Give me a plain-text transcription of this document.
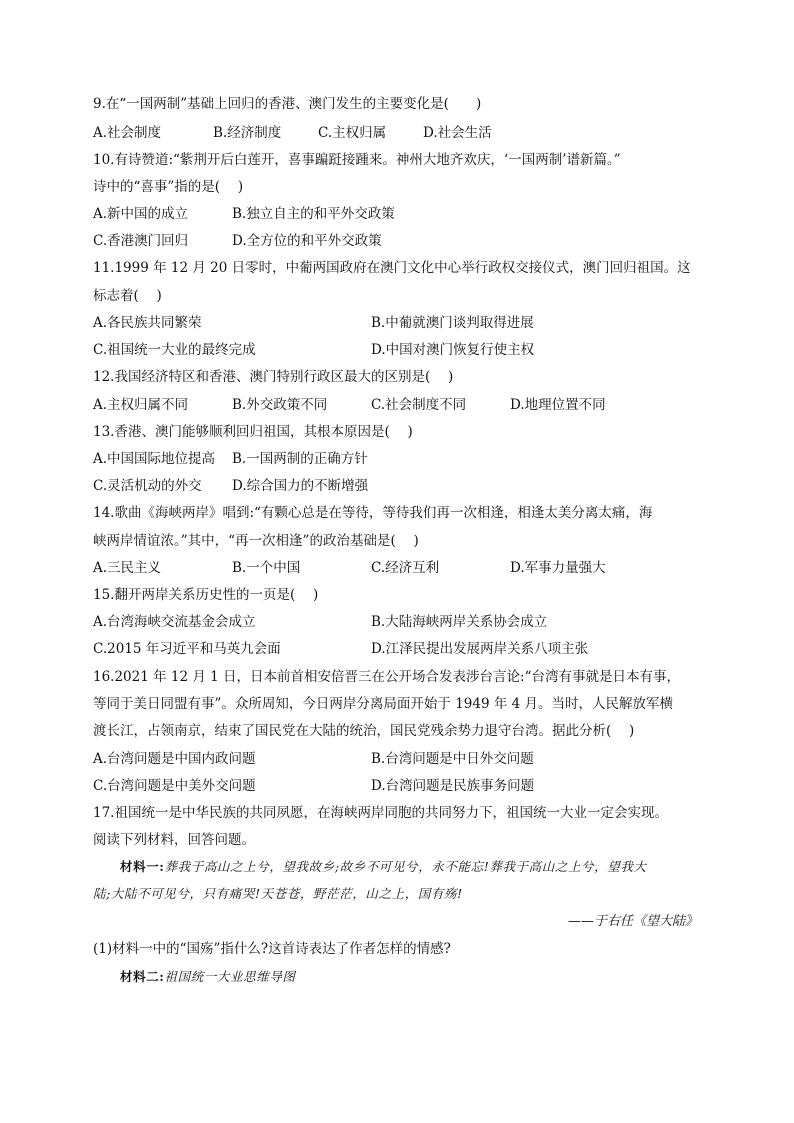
9.在“一国两制”基础上回归的香港、澳门发生的主要变化是(　　)
A.社会制度	B.经济制度	C.主权归属	D.社会生活
10.有诗赞道:“紫荆开后白莲开，喜事蹁跹接踵来。神州大地齐欢庆，‘一国两制’谱新篇。”
诗中的“喜事”指的是(　 )
A.新中国的成立	B.独立自主的和平外交政策
C.香港澳门回归	D.全方位的和平外交政策
11.1999 年 12 月 20 日零时，中葡两国政府在澳门文化中心举行政权交接仪式，澳门回归祖国。这
标志着(　 )
A.各民族共同繁荣	B.中葡就澳门谈判取得进展
C.祖国统一大业的最终完成	D.中国对澳门恢复行使主权
12.我国经济特区和香港、澳门特别行政区最大的区别是(　 )
A.主权归属不同	B.外交政策不同	C.社会制度不同	D.地理位置不同
13.香港、澳门能够顺利回归祖国，其根本原因是(　 )
A.中国国际地位提高 B.一国两制的正确方针
C.灵活机动的外交 D.综合国力的不断增强
14.歌曲《海峡两岸》唱到:“有颗心总是在等待，等待我们再一次相逢，相逢太美分离太痛，海
峡两岸情谊浓。”其中，“再一次相逢”的政治基础是(　 )
A.三民主义	B.一个中国	C.经济互利	D.军事力量强大
15.翻开两岸关系历史性的一页是(　 )
A.台湾海峡交流基金会成立	B.大陆海峡两岸关系协会成立
C.2015 年习近平和马英九会面	D.江泽民提出发展两岸关系八项主张
16.2021 年 12 月 1 日，日本前首相安倍晋三在公开场合发表涉台言论:“台湾有事就是日本有事，
等同于美日同盟有事”。众所周知，今日两岸分离局面开始于 1949 年 4 月。当时，人民解放军横
渡长江，占领南京，结束了国民党在大陆的统治，国民党残余势力退守台湾。据此分析(　 )
A.台湾问题是中国内政问题	B.台湾问题是中日外交问题
C.台湾问题是中美外交问题	D.台湾问题是民族事务问题
17.祖国统一是中华民族的共同夙愿，在海峡两岸同胞的共同努力下，祖国统一大业一定会实现。
阅读下列材料，回答问题。
材料一:葬我于高山之上兮，望我故乡;故乡不可见兮，永不能忘!葬我于高山之上兮，望我大
陆;大陆不可见兮，只有痛哭!天苍苍，野茫茫，山之上，国有殇!
——于右任《望大陆》
(1)材料一中的“国殇”指什么?这首诗表达了作者怎样的情感?
材料二:祖国统一大业思维导图
